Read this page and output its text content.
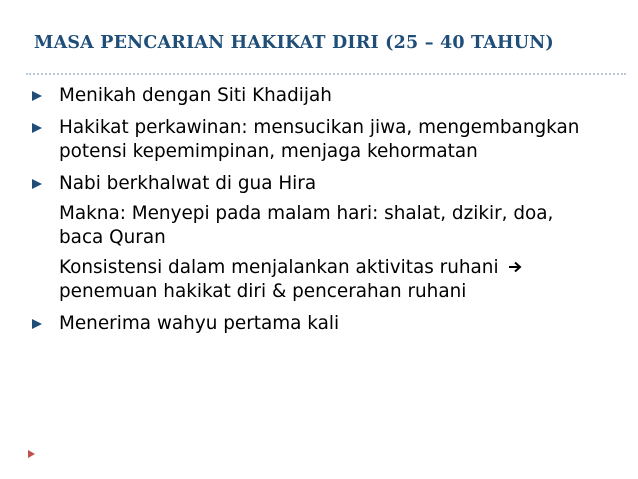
MASA PENCARIAN HAKIKAT DIRI (25 – 40 TAHUN)
Menikah dengan Siti Khadijah
Hakikat perkawinan: mensucikan jiwa, mengembangkan
potensi kepemimpinan, menjaga kehormatan
Nabi berkhalwat di gua Hira
Makna: Menyepi pada malam hari: shalat, dzikir, doa,
baca Quran
Konsistensi dalam menjalankan aktivitas ruhani
penemuan hakikat diri & pencerahan ruhani
Menerima wahyu pertama kali
